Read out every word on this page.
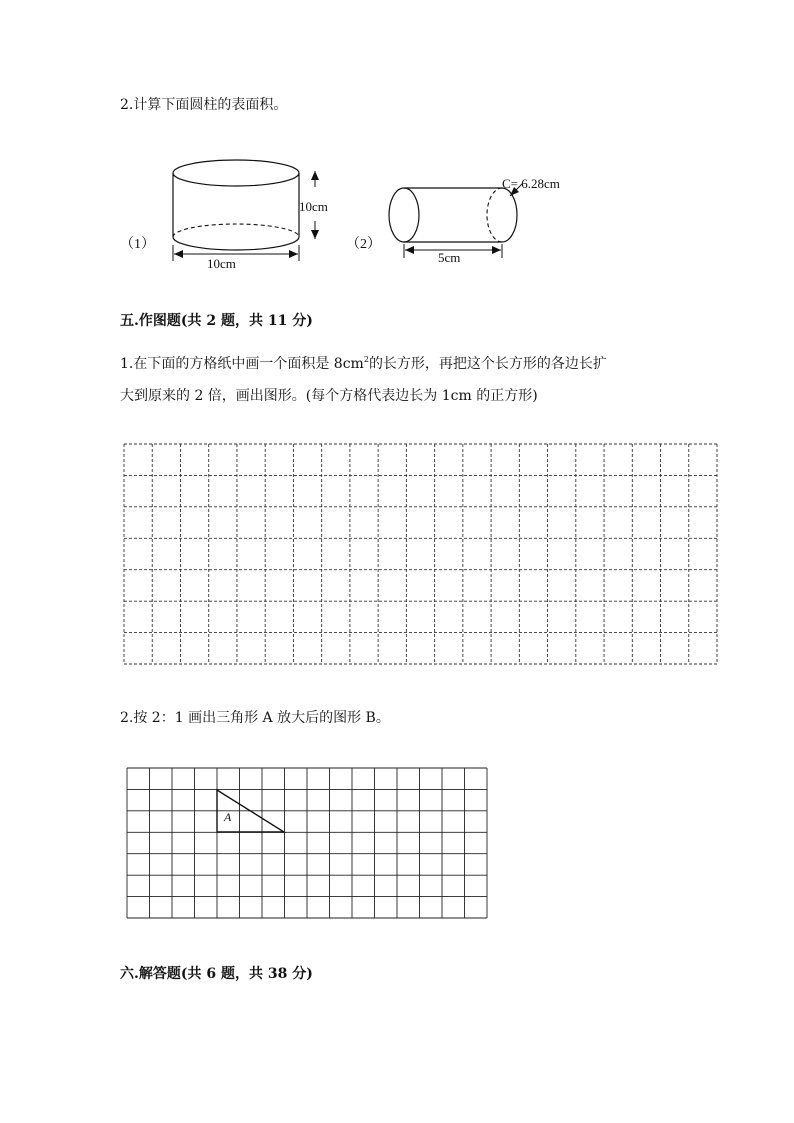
2.计算下面圆柱的表面积。
（1）
10cm
10cm
（2）
C= 6.28cm
5cm
五.作图题(共 2 题，共 11 分)
1.在下面的方格纸中画一个面积是 $8cm^2$的长方形，再把这个长方形的各边长扩
大到原来的 2 倍，画出图形。(每个方格代表边长为 1cm 的正方形)
2.按 2：1 画出三角形 A 放大后的图形 B。
A
六.解答题(共 6 题，共 38 分)
